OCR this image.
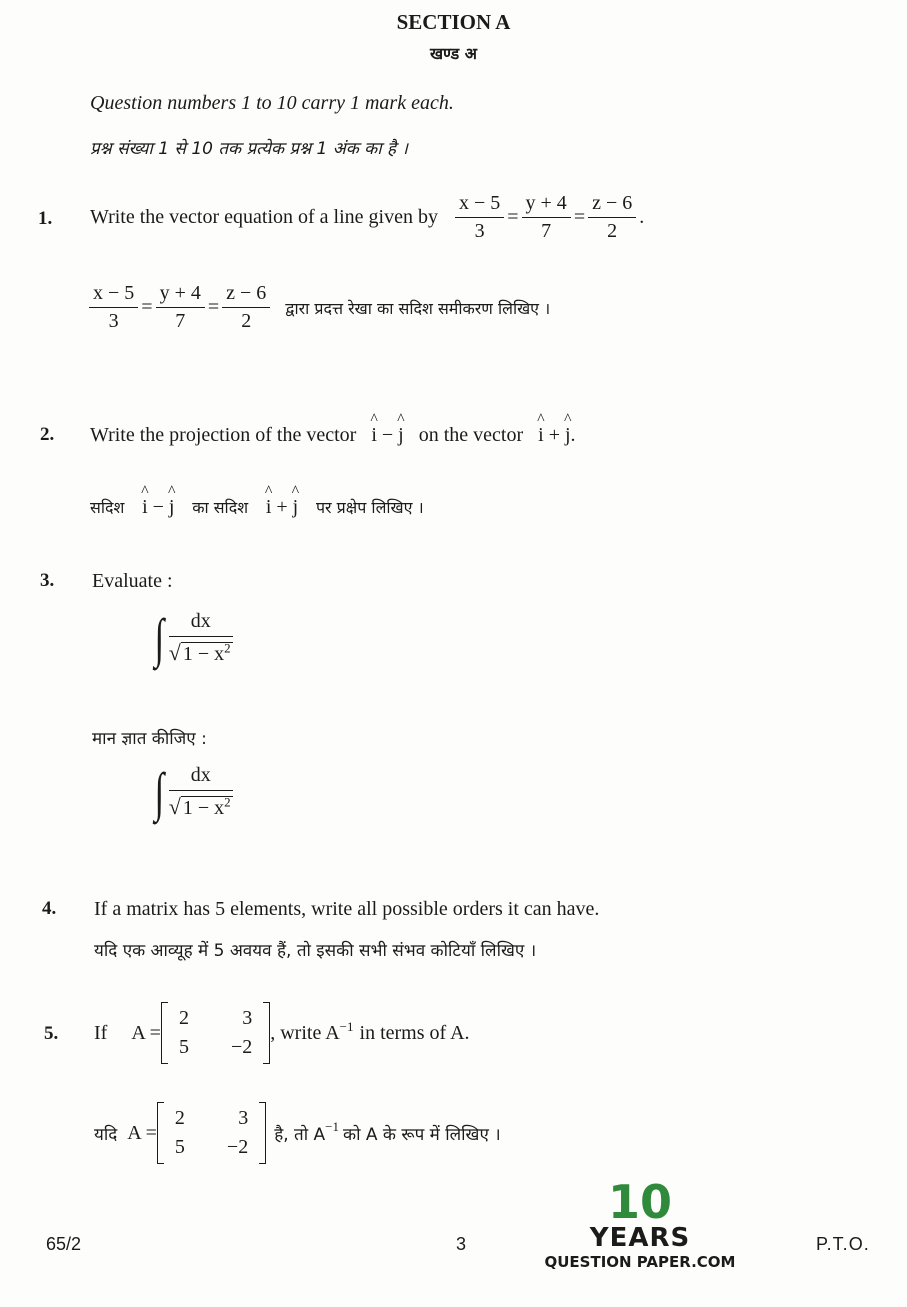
SECTION A
खण्ड अ
Question numbers 1 to 10 carry 1 mark each.
प्रश्न संख्या 1 से 10 तक प्रत्येक प्रश्न 1 अंक का है ।
1. Write the vector equation of a line given by $\frac{x - 5}{3} = \frac{y + 4}{7} = \frac{z - 6}{2}$ .
$\frac{x - 5}{3} = \frac{y + 4}{7} = \frac{z - 6}{2}$ द्वारा प्रदत्त रेखा का सदिश समीकरण लिखिए ।
2. Write the projection of the vector ^ i − ^ j on the vector ^ i + ^ j.
सदिश ^ i − ^ j का सदिश ^ i + ^ j पर प्रक्षेप लिखिए ।
3. Evaluate :
∫ $\frac{dx}{√ 1 - x^2}$
मान ज्ञात कीजिए :
∫ $\frac{dx}{√ 1 - x^2}$
4. If a matrix has 5 elements, write all possible orders it can have.
यदि एक आव्यूह में 5 अवयव हैं, तो इसकी सभी संभव कोटियाँ लिखिए ।
5. If A =
2	3
5	−2
, write $A^{-1}$ in terms of A.
यदि A =
2	3
5	−2
है, तो $A^{-1}$ को A के रूप में लिखिए ।
10
YEARS
QUESTION PAPER.COM
65/2	3	P.T.O.
